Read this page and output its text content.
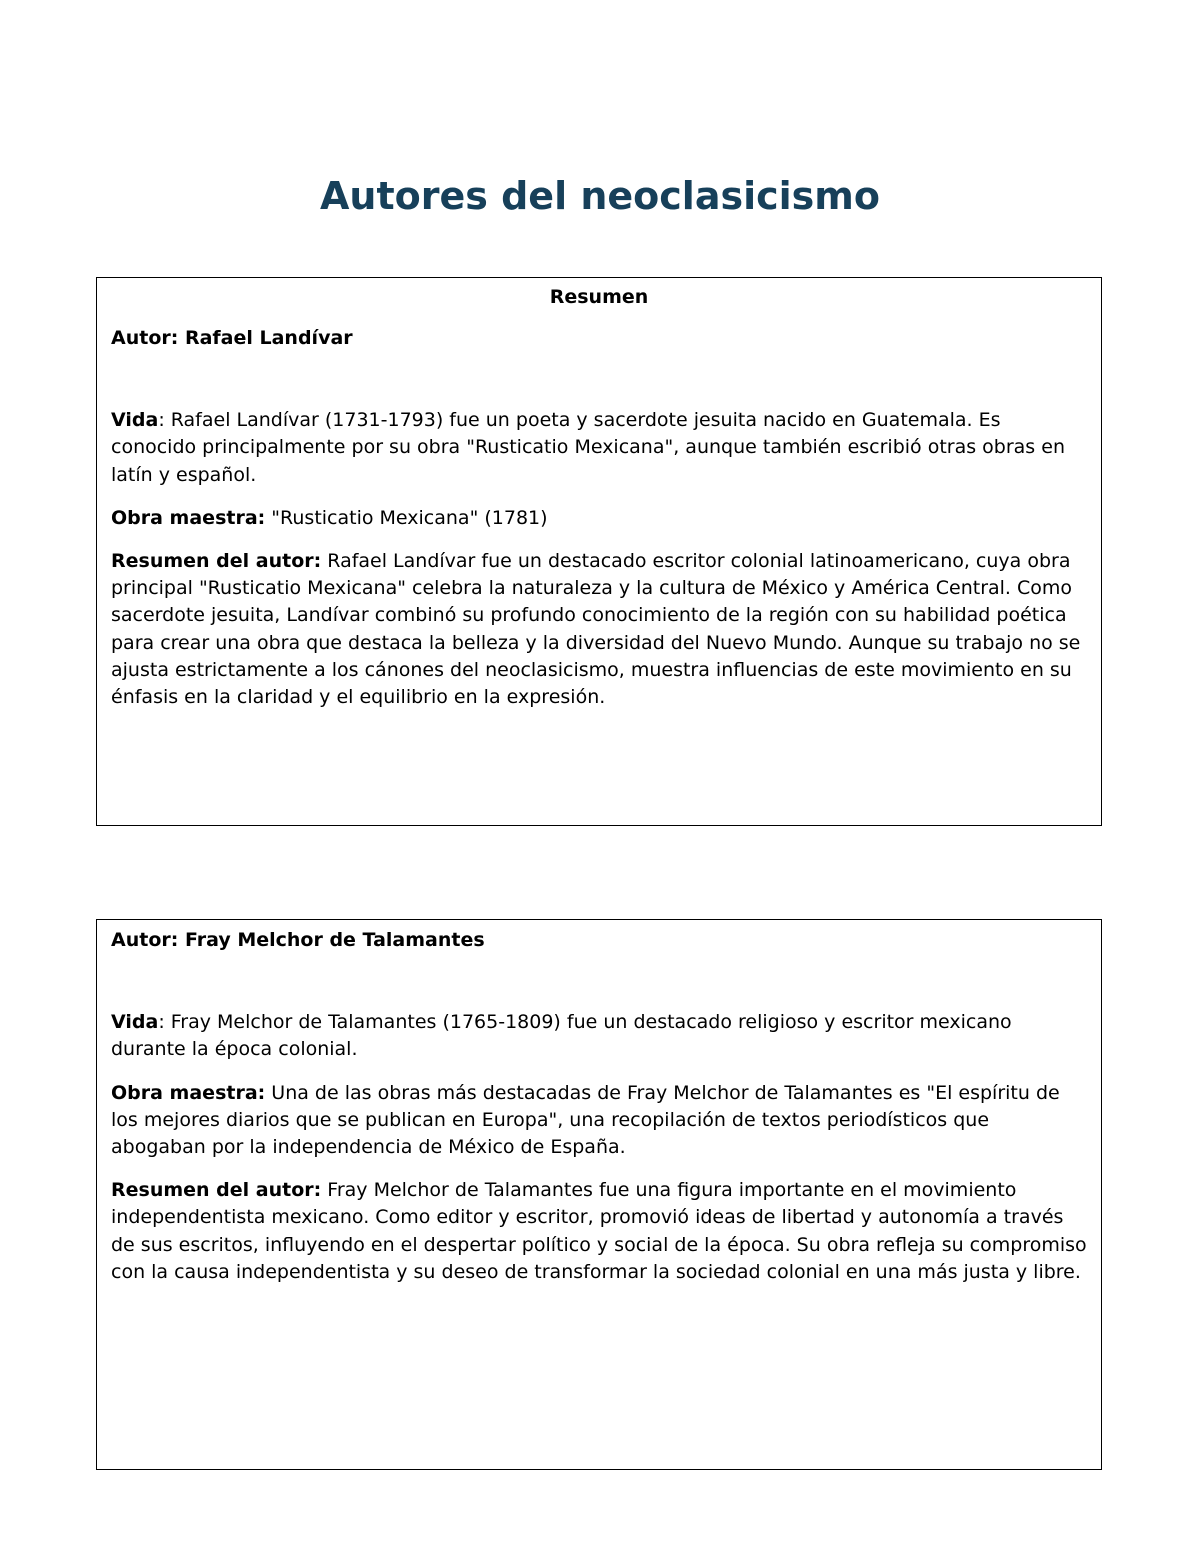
Autores del neoclasicismo

Resumen

Autor: Rafael Landívar

Vida: Rafael Landívar (1731-1793) fue un poeta y sacerdote jesuita nacido en Guatemala. Es conocido principalmente por su obra "Rusticatio Mexicana", aunque también escribió otras obras en latín y español.

Obra maestra: "Rusticatio Mexicana" (1781)

Resumen del autor: Rafael Landívar fue un destacado escritor colonial latinoamericano, cuya obra principal "Rusticatio Mexicana" celebra la naturaleza y la cultura de México y América Central. Como sacerdote jesuita, Landívar combinó su profundo conocimiento de la región con su habilidad poética para crear una obra que destaca la belleza y la diversidad del Nuevo Mundo. Aunque su trabajo no se ajusta estrictamente a los cánones del neoclasicismo, muestra influencias de este movimiento en su énfasis en la claridad y el equilibrio en la expresión.

Autor: Fray Melchor de Talamantes

Vida: Fray Melchor de Talamantes (1765-1809) fue un destacado religioso y escritor mexicano durante la época colonial.

Obra maestra: Una de las obras más destacadas de Fray Melchor de Talamantes es "El espíritu de los mejores diarios que se publican en Europa", una recopilación de textos periodísticos que abogaban por la independencia de México de España.

Resumen del autor: Fray Melchor de Talamantes fue una figura importante en el movimiento independentista mexicano. Como editor y escritor, promovió ideas de libertad y autonomía a través de sus escritos, influyendo en el despertar político y social de la época. Su obra refleja su compromiso con la causa independentista y su deseo de transformar la sociedad colonial en una más justa y libre.
